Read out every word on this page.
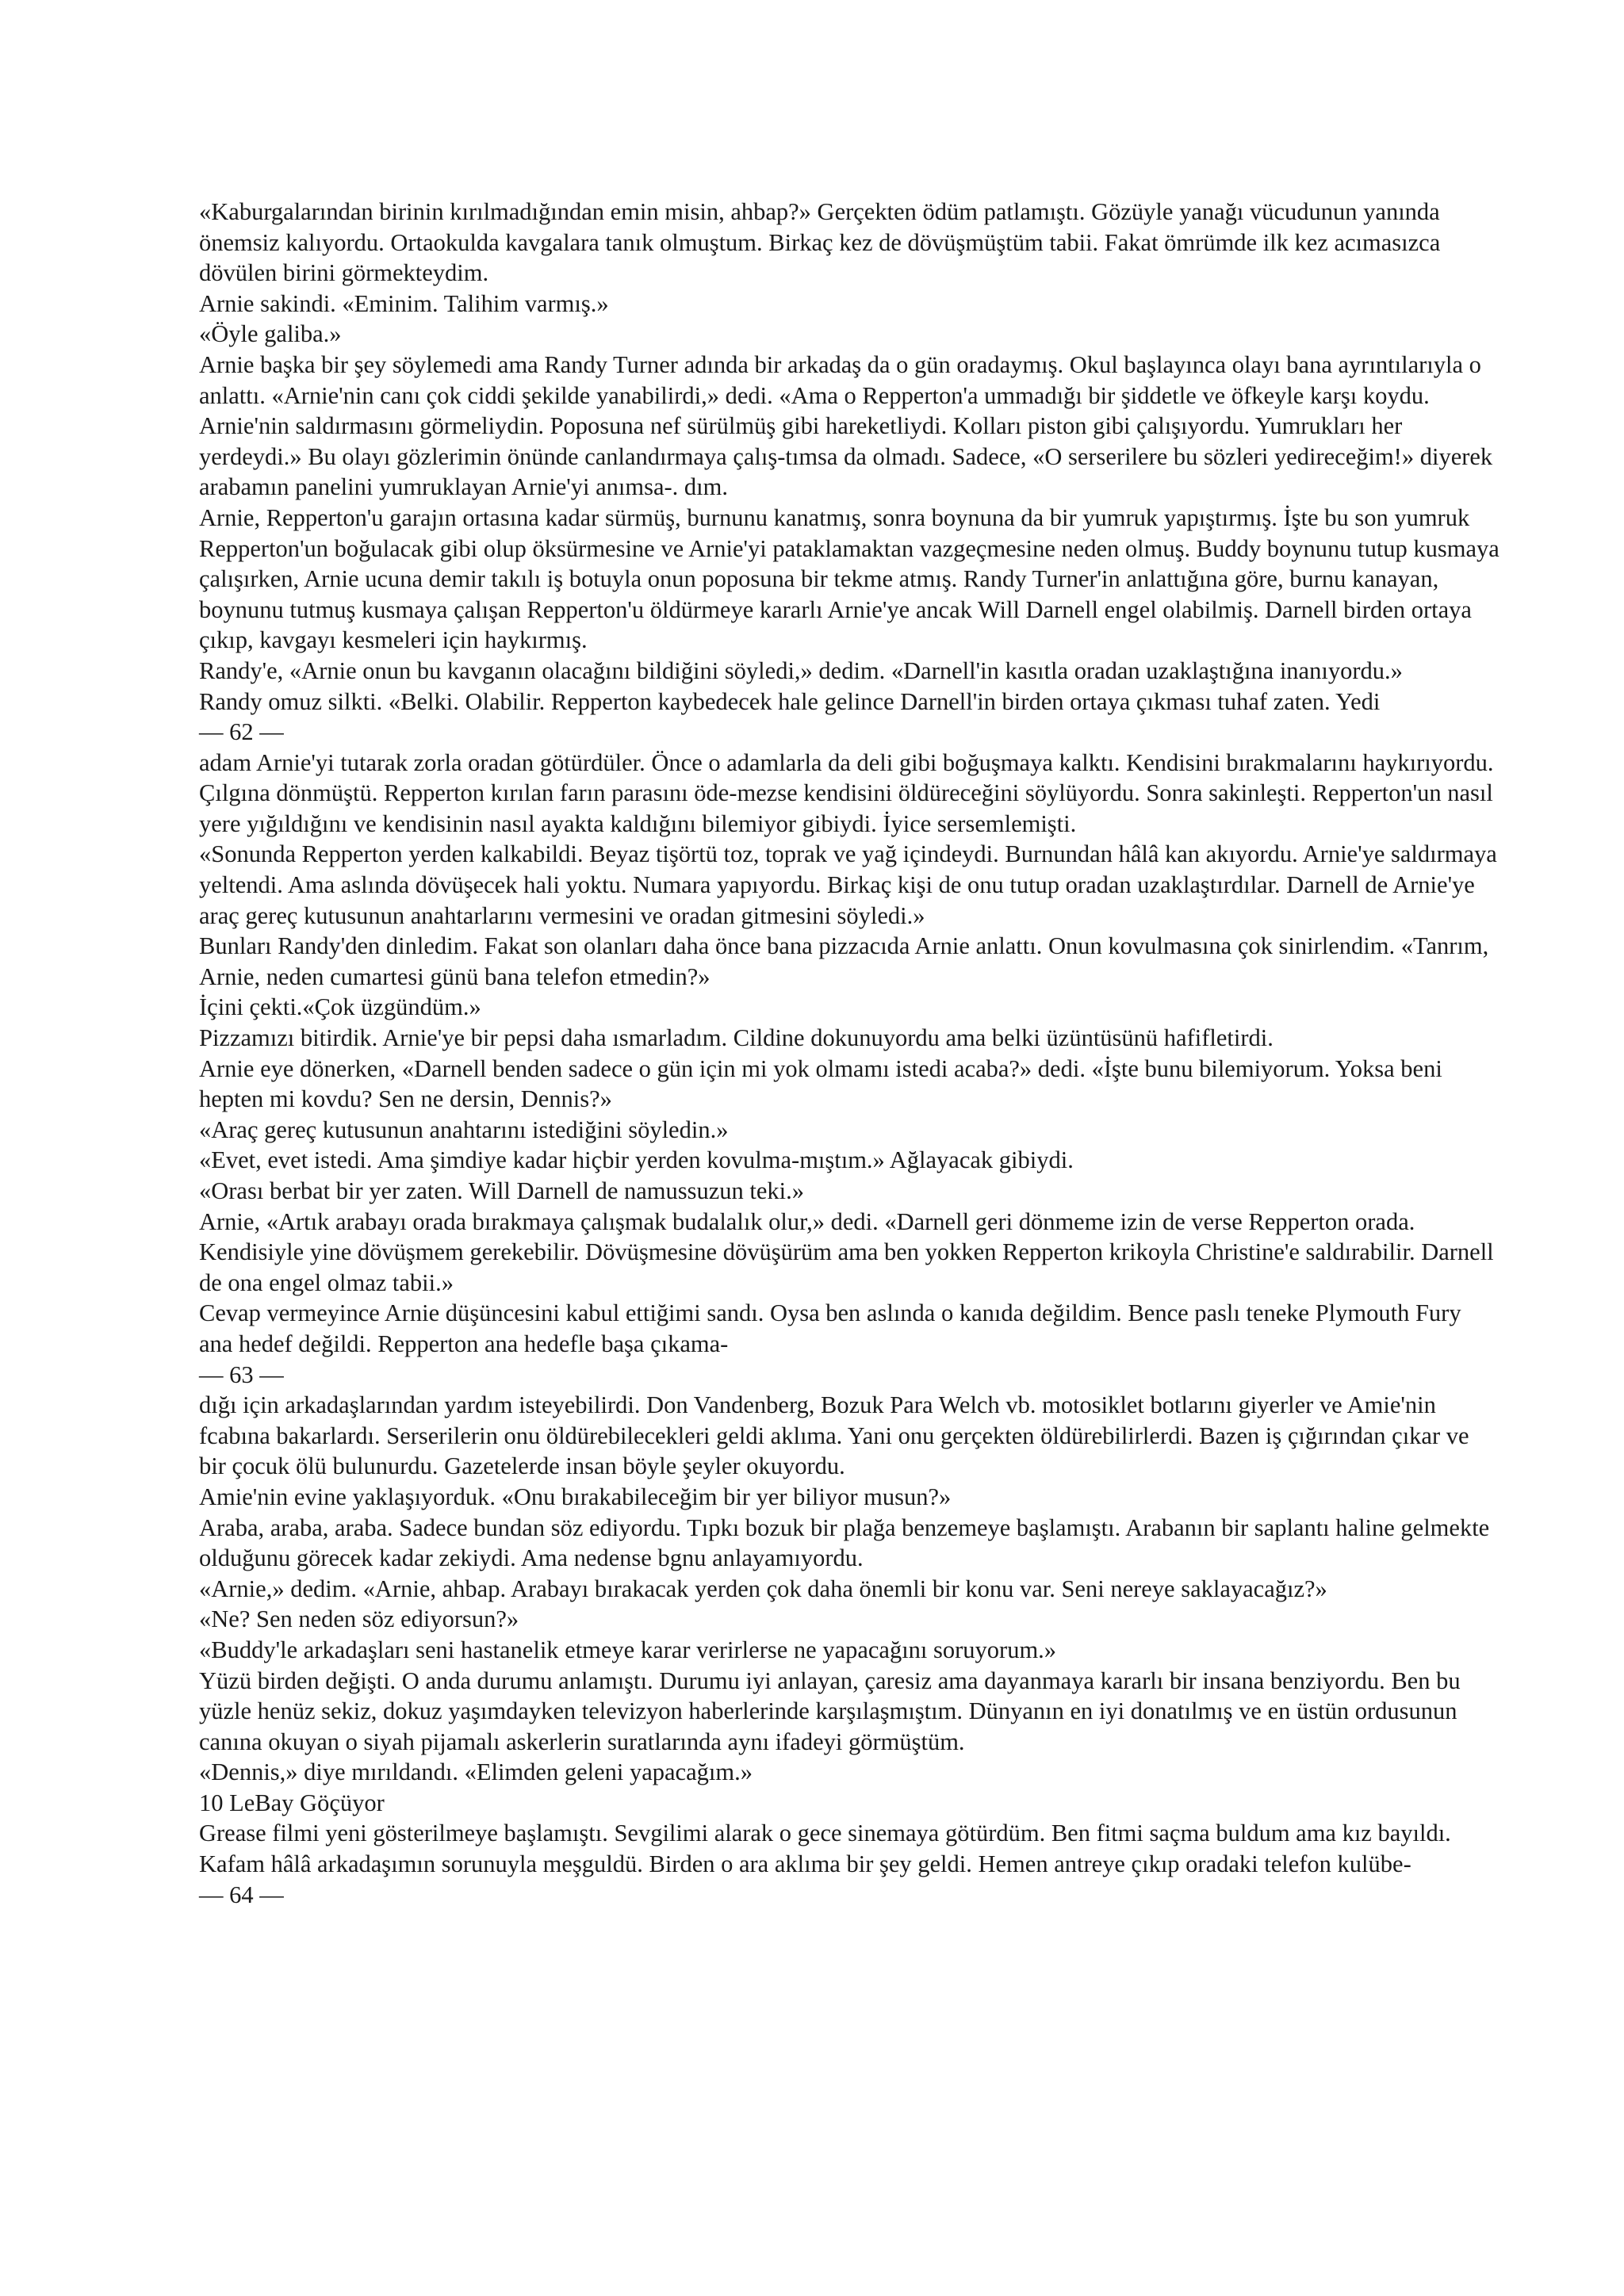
«Kaburgalarından birinin kırılmadığından emin misin, ahbap?» Gerçekten ödüm patlamıştı. Gözüyle yanağı vücudunun yanında önemsiz kalıyordu. Ortaokulda kavgalara tanık olmuştum. Birkaç kez de dövüşmüştüm tabii. Fakat ömrümde ilk kez acımasızca dövülen birini görmekteydim.

Arnie sakindi. «Eminim. Talihim varmış.»

«Öyle galiba.»

Arnie başka bir şey söylemedi ama Randy Turner adında bir arkadaş da o gün oradaymış. Okul başlayınca olayı bana ayrıntılarıyla o anlattı. «Arnie'nin canı çok ciddi şekilde yanabilirdi,» dedi. «Ama o Repperton'a ummadığı bir şiddetle ve öfkeyle karşı koydu. Arnie'nin saldırmasını görmeliydin. Poposuna nef sürülmüş gibi hareketliydi. Kolları piston gibi çalışıyordu. Yumrukları her yerdeydi.» Bu olayı gözlerimin önünde canlandırmaya çalış-tımsa da olmadı. Sadece, «O serserilere bu sözleri yedireceğim!» diyerek arabamın panelini yumruklayan Arnie'yi anımsa-. dım.

Arnie, Repperton'u garajın ortasına kadar sürmüş, burnunu kanatmış, sonra boynuna da bir yumruk yapıştırmış. İşte bu son yumruk Repperton'un boğulacak gibi olup öksürmesine ve Arnie'yi pataklamaktan vazgeçmesine neden olmuş. Buddy boynunu tutup kusmaya çalışırken, Arnie ucuna demir takılı iş botuyla onun poposuna bir tekme atmış. Randy Turner'in anlattığına göre, burnu kanayan, boynunu tutmuş kusmaya çalışan Repperton'u öldürmeye kararlı Arnie'ye ancak Will Darnell engel olabilmiş. Darnell birden ortaya çıkıp, kavgayı kesmeleri için haykırmış.

Randy'e, «Arnie onun bu kavganın olacağını bildiğini söyledi,» dedim. «Darnell'in kasıtla oradan uzaklaştığına inanıyordu.»

Randy omuz silkti. «Belki. Olabilir. Repperton kaybedecek hale gelince Darnell'in birden ortaya çıkması tuhaf zaten. Yedi

— 62 —

adam Arnie'yi tutarak zorla oradan götürdüler. Önce o adamlarla da deli gibi boğuşmaya kalktı. Kendisini bırakmalarını haykırıyordu. Çılgına dönmüştü. Repperton kırılan farın parasını öde-mezse kendisini öldüreceğini söylüyordu. Sonra sakinleşti. Repperton'un nasıl yere yığıldığını ve kendisinin nasıl ayakta kaldığını bilemiyor gibiydi. İyice sersemlemişti.

«Sonunda Repperton yerden kalkabildi. Beyaz tişörtü toz, toprak ve yağ içindeydi. Burnundan hâlâ kan akıyordu. Arnie'ye saldırmaya yeltendi. Ama aslında dövüşecek hali yoktu. Numara yapıyordu. Birkaç kişi de onu tutup oradan uzaklaştırdılar. Darnell de Arnie'ye araç gereç kutusunun anahtarlarını vermesini ve oradan gitmesini söyledi.»

Bunları Randy'den dinledim. Fakat son olanları daha önce bana pizzacıda Arnie anlattı. Onun kovulmasına çok sinirlendim. «Tanrım, Arnie, neden cumartesi günü bana telefon etmedin?»

İçini çekti.«Çok üzgündüm.»

Pizzamızı bitirdik. Arnie'ye bir pepsi daha ısmarladım. Cildine dokunuyordu ama belki üzüntüsünü hafifletirdi.

Arnie eye dönerken, «Darnell benden sadece o gün için mi yok olmamı istedi acaba?» dedi. «İşte bunu bilemiyorum. Yoksa beni hepten mi kovdu? Sen ne dersin, Dennis?»

«Araç gereç kutusunun anahtarını istediğini söyledin.»

«Evet, evet istedi. Ama şimdiye kadar hiçbir yerden kovulma-mıştım.» Ağlayacak gibiydi.

«Orası berbat bir yer zaten. Will Darnell de namussuzun teki.»

Arnie, «Artık arabayı orada bırakmaya çalışmak budalalık olur,» dedi. «Darnell geri dönmeme izin de verse Repperton orada. Kendisiyle yine dövüşmem gerekebilir. Dövüşmesine dövüşürüm ama ben yokken Repperton krikoyla Christine'e saldırabilir. Darnell de ona engel olmaz tabii.»

Cevap vermeyince Arnie düşüncesini kabul ettiğimi sandı. Oysa ben aslında o kanıda değildim. Bence paslı teneke Plymouth Fury ana hedef değildi. Repperton ana hedefle başa çıkama-

— 63 —

dığı için arkadaşlarından yardım isteyebilirdi. Don Vandenberg, Bozuk Para Welch vb. motosiklet botlarını giyerler ve Amie'nin fcabına bakarlardı. Serserilerin onu öldürebilecekleri geldi aklıma. Yani onu gerçekten öldürebilirlerdi. Bazen iş çığırından çıkar ve bir çocuk ölü bulunurdu. Gazetelerde insan böyle şeyler okuyordu.

Amie'nin evine yaklaşıyorduk. «Onu bırakabileceğim bir yer biliyor musun?»

Araba, araba, araba. Sadece bundan söz ediyordu. Tıpkı bozuk bir plağa benzemeye başlamıştı. Arabanın bir saplantı haline gelmekte olduğunu görecek kadar zekiydi. Ama nedense bgnu anlayamıyordu.

«Arnie,» dedim. «Arnie, ahbap. Arabayı bırakacak yerden çok daha önemli bir konu var. Seni nereye saklayacağız?»

«Ne? Sen neden söz ediyorsun?»

«Buddy'le arkadaşları seni hastanelik etmeye karar verirlerse ne yapacağını soruyorum.»

Yüzü birden değişti. O anda durumu anlamıştı. Durumu iyi anlayan, çaresiz ama dayanmaya kararlı bir insana benziyordu. Ben bu yüzle henüz sekiz, dokuz yaşımdayken televizyon haberlerinde karşılaşmıştım. Dünyanın en iyi donatılmış ve en üstün ordusunun canına okuyan o siyah pijamalı askerlerin suratlarında aynı ifadeyi görmüştüm.

«Dennis,» diye mırıldandı. «Elimden geleni yapacağım.»

10 LeBay Göçüyor

Grease filmi yeni gösterilmeye başlamıştı. Sevgilimi alarak o gece sinemaya götürdüm. Ben fitmi saçma buldum ama kız bayıldı. Kafam hâlâ arkadaşımın sorunuyla meşguldü. Birden o ara aklıma bir şey geldi. Hemen antreye çıkıp oradaki telefon kulübe-

— 64 —
